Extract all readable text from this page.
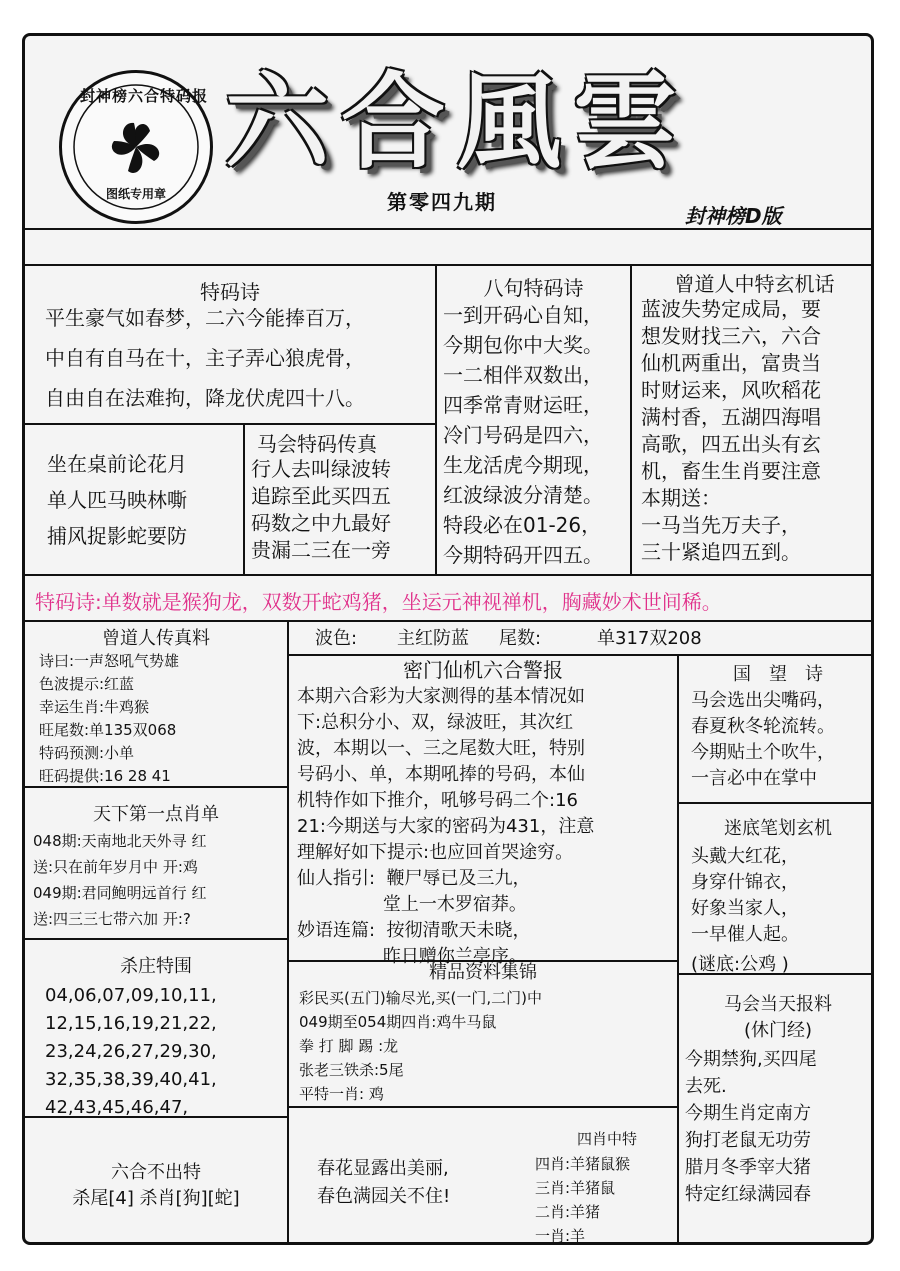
封神榜六合特码报
图纸专用章
六合風雲
第零四九期
封神榜D版
特码诗
平生豪气如春梦，二六今能捧百万，
中自有自马在十，主子弄心狼虎骨，
自由自在法难拘，降龙伏虎四十八。
八句特码诗
一到开码心自知，
今期包你中大奖。
一二相伴双数出，
四季常青财运旺，
冷门号码是四六，
生龙活虎今期现，
红波绿波分清楚。
特段必在01-26，
今期特码开四五。
曾道人中特玄机话
蓝波失势定成局，要
想发财找三六，六合
仙机两重出，富贵当
时财运来，风吹稻花
满村香，五湖四海唱
高歌，四五出头有玄
机，畜生生肖要注意
本期送：
一马当先万夫子，
三十紧追四五到。
坐在桌前论花月
单人匹马映林嘶
捕风捉影蛇要防
马会特码传真
行人去叫绿波转
追踪至此买四五
码数之中九最好
贵漏二三在一旁
特码诗:单数就是猴狗龙，双数开蛇鸡猪，坐运元神视禅机，胸藏妙术世间稀。
曾道人传真料
诗曰:一声怒吼气势雄
色波提示:红蓝
幸运生肖:牛鸡猴
旺尾数:单135双068
特码预测:小单
旺码提供:16 28 41
波色: 主红防蓝 尾数:	单317双208
密门仙机六合警报
本期六合彩为大家测得的基本情况如
下:总积分小、双，绿波旺，其次红
波，本期以一、三之尾数大旺，特别
号码小、单，本期吼捧的号码，本仙
机特作如下推介，吼够号码二个:16
21:今期送与大家的密码为431，注意
理解好如下提示:也应回首哭途穷。
仙人指引:  鞭尸辱已及三九，
堂上一木罗宿莽。
妙语连篇:  按彻清歌天未晓，
昨日赠你兰亭序。
国　望　诗
马会选出尖嘴码，
春夏秋冬轮流转。
今期贴土个吹牛，
一言必中在掌中
迷底笔划玄机
头戴大红花，
身穿什锦衣，
好象当家人，
一早催人起。
(谜底:公鸡 )
天下第一点肖单
048期:天南地北天外寻 红
送:只在前年岁月中 开:鸡
049期:君同鲍明远首行 红
送:四三三七带六加 开:?
杀庄特围
04,06,07,09,10,11,
12,15,16,19,21,22,
23,24,26,27,29,30,
32,35,38,39,40,41,
42,43,45,46,47,
精品资料集锦
彩民买(五门)输尽光,买(一门,二门)中
049期至054期四肖:鸡牛马鼠
拳 打 脚 踢 :龙
张老三铁杀:5尾
平特一肖: 鸡
马会当天报料
(休门经)
今期禁狗,买四尾
去死.
今期生肖定南方
狗打老鼠无功劳
腊月冬季宰大猪
特定红绿满园春
六合不出特
杀尾[4] 杀肖[狗][蛇]
春花显露出美丽,
春色满园关不住!
四肖中特
四肖:羊猪鼠猴
三肖:羊猪鼠
二肖:羊猪
一肖:羊
